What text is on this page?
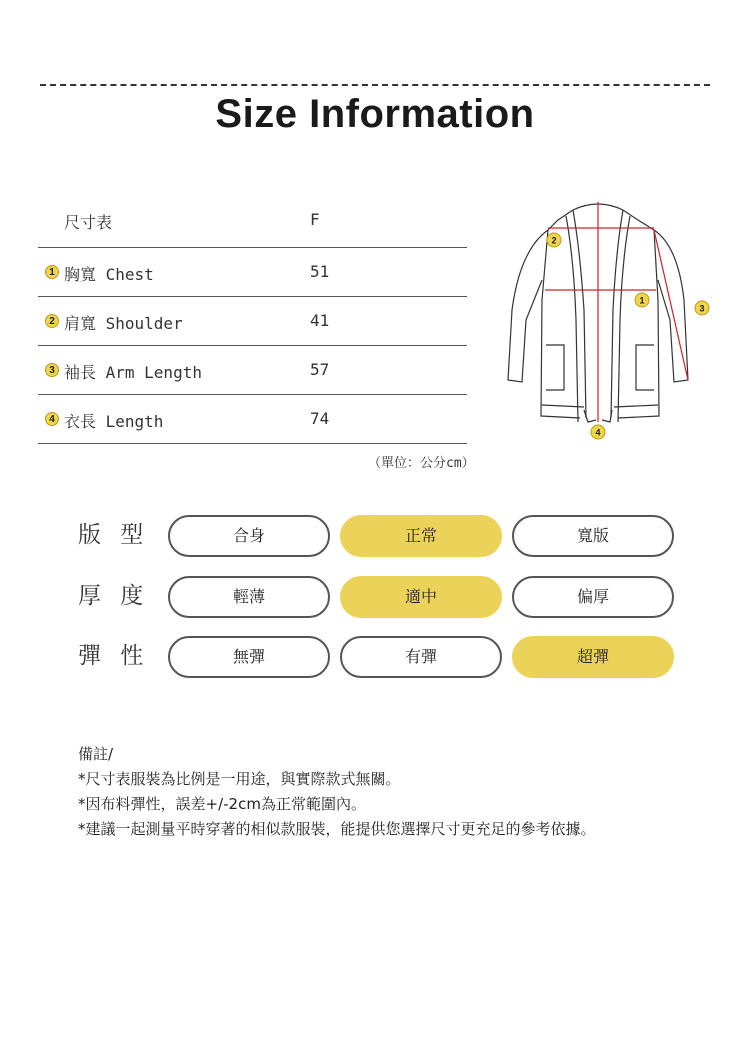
Size Information
尺寸表	F
1 胸寬 Chest	51
2 肩寬 Shoulder	41
3 袖長 Arm Length	57
4 衣長 Length	74
（單位：公分cm）
2
1
3
4
版 型	合身	正常	寬版
厚 度	輕薄	適中	偏厚
彈 性	無彈	有彈	超彈
備註/
*尺寸表服裝為比例是一用途，與實際款式無關。
*因布料彈性，誤差+/-2cm為正常範圍內。
*建議一起測量平時穿著的相似款服裝，能提供您選擇尺寸更充足的參考依據。
